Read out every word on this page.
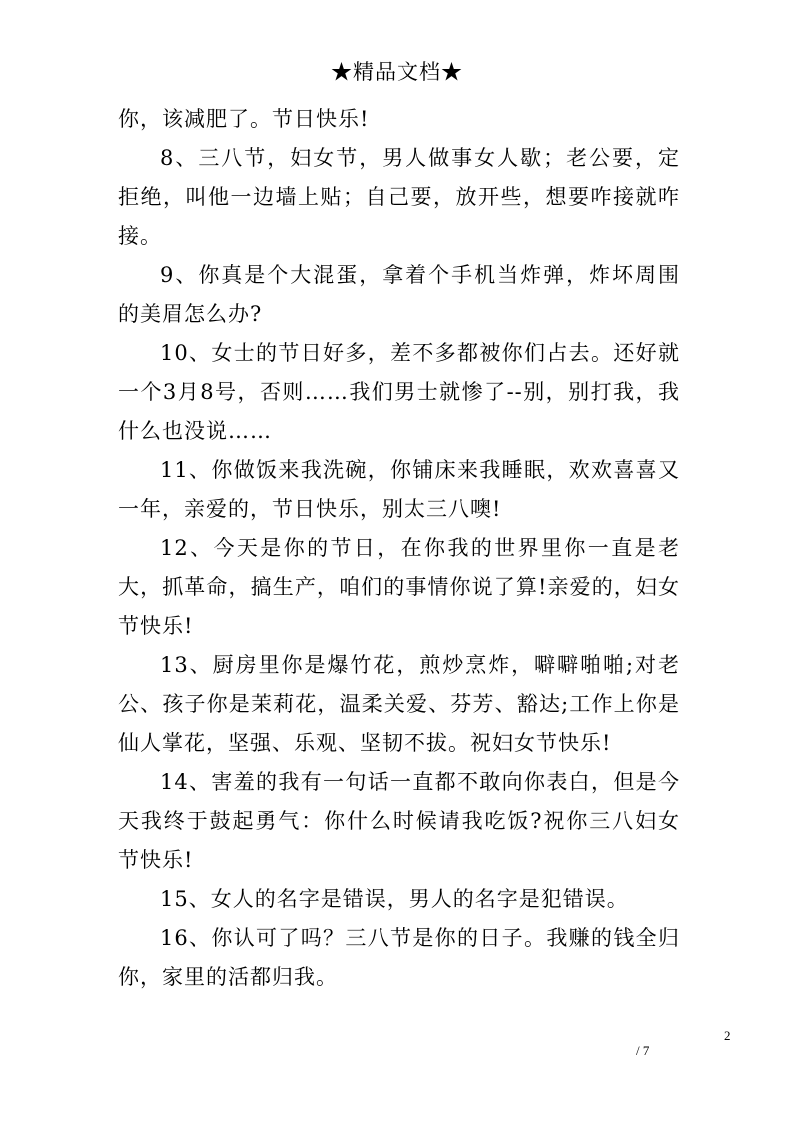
★精品文档★

你，该减肥了。节日快乐!

8、三八节，妇女节，男人做事女人歇；老公要，定拒绝，叫他一边墙上贴；自己要，放开些，想要咋接就咋接。

9、你真是个大混蛋，拿着个手机当炸弹，炸坏周围的美眉怎么办?

10、女士的节日好多，差不多都被你们占去。还好就一个3月8号，否则……我们男士就惨了--别，别打我，我什么也没说……

11、你做饭来我洗碗，你铺床来我睡眠，欢欢喜喜又一年，亲爱的，节日快乐，别太三八噢!

12、今天是你的节日，在你我的世界里你一直是老大，抓革命，搞生产，咱们的事情你说了算!亲爱的，妇女节快乐!

13、厨房里你是爆竹花，煎炒烹炸，噼噼啪啪;对老公、孩子你是茉莉花，温柔关爱、芬芳、豁达;工作上你是仙人掌花，坚强、乐观、坚韧不拔。祝妇女节快乐!

14、害羞的我有一句话一直都不敢向你表白，但是今天我终于鼓起勇气：你什么时候请我吃饭?祝你三八妇女节快乐!

15、女人的名字是错误，男人的名字是犯错误。

16、你认可了吗？三八节是你的日子。我赚的钱全归你，家里的活都归我。

2
/ 7
